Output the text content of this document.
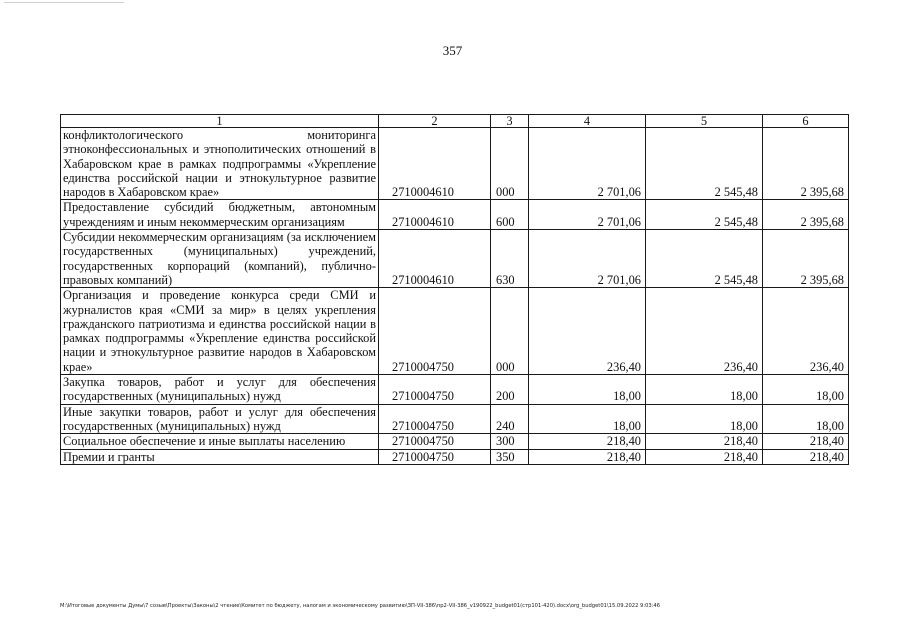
357
1	2	3	4	5	6
конфликтологического мониторинга этноконфессиональных и этнополитических отношений в Хабаровском крае в рамках подпрограммы «Укрепление единства российской нации и этнокультурное развитие народов в Хабаровском крае»	2710004610	000	2 701,06	2 545,48	2 395,68
Предоставление субсидий бюджетным, автономным учреждениям и иным некоммерческим организациям	2710004610	600	2 701,06	2 545,48	2 395,68
Субсидии некоммерческим организациям (за исключением государственных (муниципальных) учреждений, государственных корпораций (компаний), публично-правовых компаний)	2710004610	630	2 701,06	2 545,48	2 395,68
Организация и проведение конкурса среди СМИ и журналистов края «СМИ за мир» в целях укрепления гражданского патриотизма и единства российской нации в рамках подпрограммы «Укрепление единства российской нации и этнокультурное развитие народов в Хабаровском крае»	2710004750	000	236,40	236,40	236,40
Закупка товаров, работ и услуг для обеспечения государственных (муниципальных) нужд	2710004750	200	18,00	18,00	18,00
Иные закупки товаров, работ и услуг для обеспечения государственных (муниципальных) нужд	2710004750	240	18,00	18,00	18,00
Социальное обеспечение и иные выплаты населению	2710004750	300	218,40	218,40	218,40
Премии и гранты	2710004750	350	218,40	218,40	218,40
M:\Итоговые документы Думы\7 созыв\Проекты\Законы\2 чтение\Комитет по бюджету, налогам и экономическому развитию\ЗП-VII-386\пр2-VII-386_v190922_budget01(стр101-420).docx\org_budget01\15.09.2022 9:03:46
